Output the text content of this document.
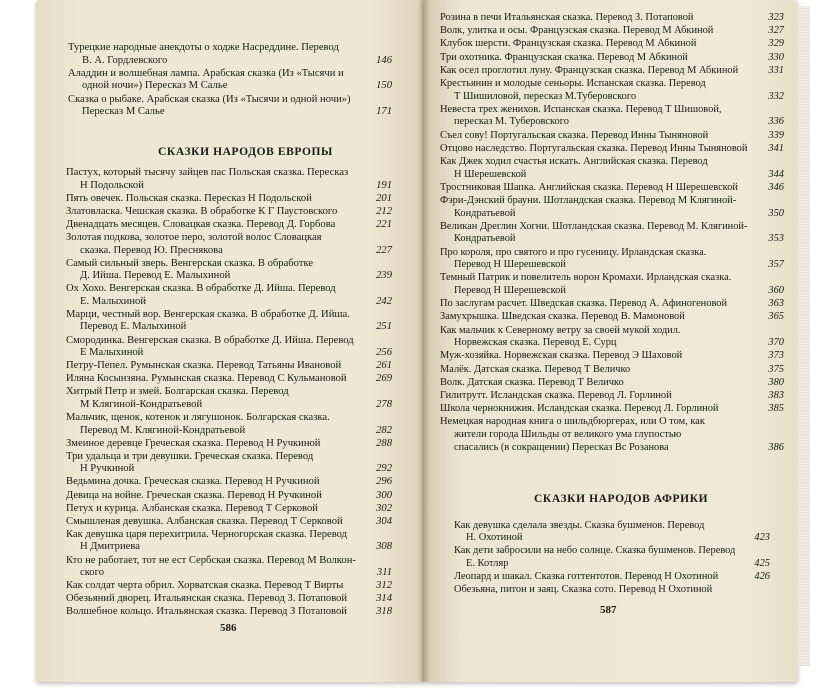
Турецкие народные анекдоты о ходже Насреддине. Перевод
В. А. Гордлевского	146
Аладдин и волшебная лампа. Арабская сказка (Из «Тысячи и
одной ночи») Пересказ М Салье	150
Сказка о рыбаке. Арабская сказка (Из «Тысячи и одной ночи»)
Пересказ М Салье	171
СКАЗКИ НАРОДОВ ЕВРОПЫ
Пастух, который тысячу зайцев пас Польская сказка. Пересказ
Н Подольской	191
Пять овечек. Польская сказка. Пересказ Н Подольской	201
Златовласка. Чешская сказка. В обработке К Г Паустовского	212
Двенадцать месяцев. Словацкая сказка. Перевод Д. Горбова	221
Золотая подкова, золотое перо, золотой волос Словацкая
сказка. Перевод Ю. Пресняковa	227
Самый сильный зверь. Венгерская сказка. В обработке
Д. Ийша. Перевод Е. Малыхиной	239
Ох Хохо. Венгерская сказка. В обработке Д. Ийша. Перевод
Е. Малыхиной	242
Марци, честный вор. Венгерская сказка. В обработке Д. Ийша.
Перевод Е. Малыхиной	251
Смородинка. Венгерская сказка. В обработке Д. Ийша. Перевод
Е Малыхиной	256
Петру-Пепел. Румынская сказка. Перевод Татьяны Ивановой	261
Иляна Косынзяна. Румынская сказка. Перевод С Кульмановой	269
Хитрый Петр и змей. Болгарская сказка. Перевод
М Клягиной-Кондратьевой	278
Мальчик, щенок, котенок и лягушонок. Болгарская сказка.
Перевод М. Клягиной-Кондратьевой	282
Змеиное деревце Греческая сказка. Перевод Н Ручкиной	288
Три удальца и три девушки. Греческая сказка. Перевод
Н Ручкиной	292
Ведьмина дочка. Греческая сказка. Перевод Н Ручкиной	296
Девица на войне. Греческая сказка. Перевод Н Ручкиной	300
Петух и курица. Албанская сказка. Перевод Т Серковой	302
Смышленая девушка. Албанская сказка. Перевод Т Серковой	304
Как девушка царя перехитрила. Черногорская сказка. Перевод
Н Дмитриева	308
Кто не работает, тот не ест Сербская сказка. Перевод М Волкон-
ского	311
Как солдат черта обрил. Хорватская сказка. Перевод Т Вирты	312
Обезьяний дворец. Итальянская сказка. Перевод З. Потаповой	314
Волшебное кольцо. Итальянская сказка. Перевод З Потаповой	318
586
Розина в печи Итальянская сказка. Перевод З. Потаповой	323
Волк, улитка и осы. Французская сказка. Перевод М Абкиной	327
Клубок шерсти. Французская сказка. Перевод М Абкиной	329
Три охотника. Французская сказка. Перевод М Абкиной	330
Как осел проглотил луну. Французская сказка. Перевод М Абкиной	331
Крестьянин и молодые сеньоры. Испанская сказка. Перевод
Т Шишиловой, пересказ М.Туберовского	332
Невеста трех женихов. Испанская сказка. Перевод Т Шишовой,
пересказ М. Туберовского	336
Съел сову! Португальская сказка. Перевод Инны Тыняновой	339
Отцово наследство. Португальская сказка. Перевод Инны Тыняновой	341
Как Джек ходил счастья искать. Английская сказка. Перевод
Н Шерешевской	344
Тростниковая Шапка. Английская сказка. Перевод Н Шерешевской	346
Фэри-Дэнский брауни. Шотландская сказка. Перевод М Клягиной-
Кондратьевой	350
Великан Дреглин Хогни. Шотландская сказка. Перевод М. Клягиной-
Кондратьевой	353
Про короля, про святого и про гусеницу. Ирландская сказка.
Перевод Н Шерешевской	357
Темный Патрик и повелитель ворон Кромахи. Ирландская сказка.
Перевод Н Шерешевской	360
По заслугам расчет. Шведская сказка. Перевод А. Афиногеновой	363
Замухрышка. Шведская сказка. Перевод В. Мамоновой	365
Как мальчик к Северному ветру за своей мукой ходил.
Норвежская сказка. Перевод Е. Сурц	370
Муж-хозяйка. Норвежская сказка. Перевод Э Шаховой	373
Малёк. Датская сказка. Перевод Т Величко	375
Волк. Датская сказка. Перевод Т Величко	380
Гилитрутт. Исландская сказка. Перевод Л. Горлиной	383
Школа чернокнижия. Исландская сказка. Перевод Л. Горлиной	385
Немецкая народная книга о шильдбюргерах, или О том, как
жители города Шильды от великого ума глупостью
спасались (в сокращении) Пересказ Вс Розанова	386
СКАЗКИ НАРОДОВ АФРИКИ
Как девушка сделала звезды. Сказка бушменов. Перевод
Н. Охотиной	423
Как дети забросили на небо солнце. Сказка бушменов. Перевод
Е. Котляр	425
Леопард и шакал. Сказка готтентотов. Перевод Н Охотиной	426
Обезьяна, питон и заяц. Сказка сото. Перевод Н Охотиной
587
